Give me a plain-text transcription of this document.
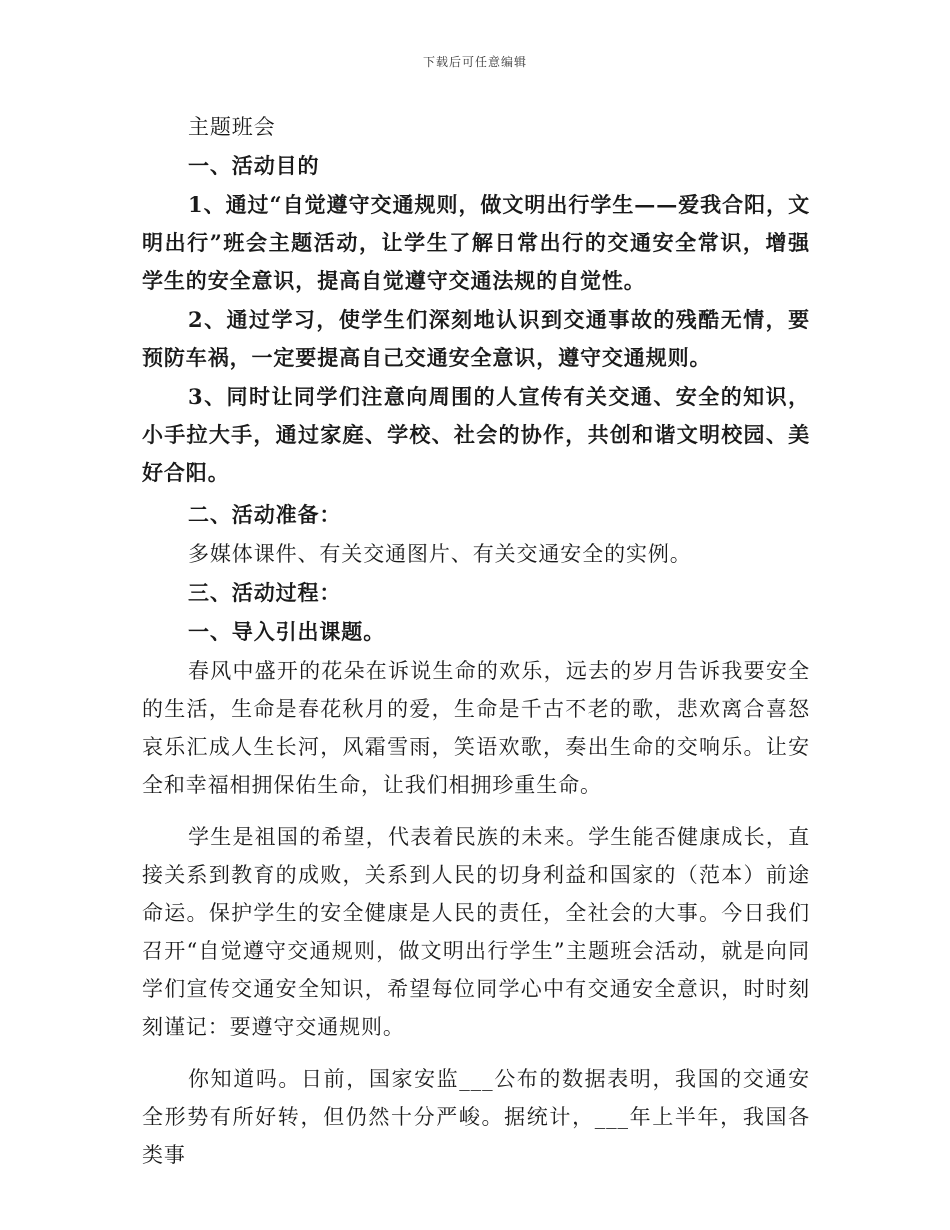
下载后可任意编辑

主题班会

一、活动目的

1、通过“自觉遵守交通规则，做文明出行学生——爱我合阳，文明出行”班会主题活动，让学生了解日常出行的交通安全常识，增强学生的安全意识，提高自觉遵守交通法规的自觉性。

2、通过学习，使学生们深刻地认识到交通事故的残酷无情，要预防车祸，一定要提高自己交通安全意识，遵守交通规则。

3、同时让同学们注意向周围的人宣传有关交通、安全的知识，小手拉大手，通过家庭、学校、社会的协作，共创和谐文明校园、美好合阳。

二、活动准备：

多媒体课件、有关交通图片、有关交通安全的实例。

三、活动过程：

一、导入引出课题。

春风中盛开的花朵在诉说生命的欢乐，远去的岁月告诉我要安全的生活，生命是春花秋月的爱，生命是千古不老的歌，悲欢离合喜怒哀乐汇成人生长河，风霜雪雨，笑语欢歌，奏出生命的交响乐。让安全和幸福相拥保佑生命，让我们相拥珍重生命。

学生是祖国的希望，代表着民族的未来。学生能否健康成长，直接关系到教育的成败，关系到人民的切身利益和国家的（范本）前途命运。保护学生的安全健康是人民的责任，全社会的大事。今日我们召开“自觉遵守交通规则，做文明出行学生”主题班会活动，就是向同学们宣传交通安全知识，希望每位同学心中有交通安全意识，时时刻刻谨记：要遵守交通规则。

你知道吗。日前，国家安监___公布的数据表明，我国的交通安全形势有所好转，但仍然十分严峻。据统计，___年上半年，我国各类事
